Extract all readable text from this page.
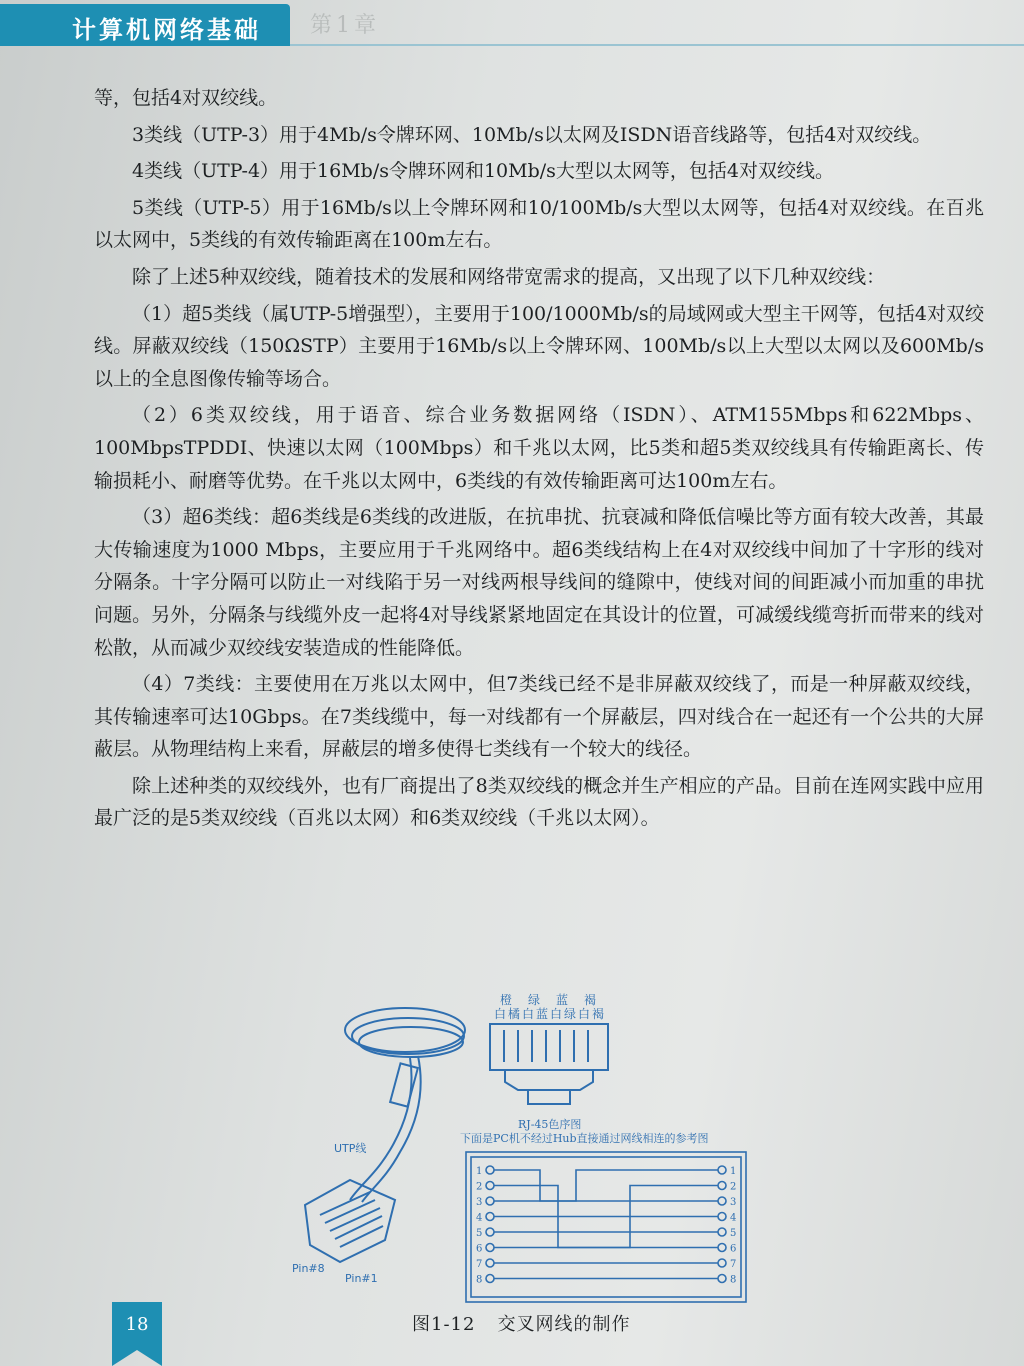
计算机网络基础 第1章

等，包括4对双绞线。

3类线（UTP-3）用于4Mb/s令牌环网、10Mb/s以太网及ISDN语音线路等，包括4对双绞线。

4类线（UTP-4）用于16Mb/s令牌环网和10Mb/s大型以太网等，包括4对双绞线。

5类线（UTP-5）用于16Mb/s以上令牌环网和10/100Mb/s大型以太网等，包括4对双绞线。在百兆以太网中，5类线的有效传输距离在100m左右。

除了上述5种双绞线，随着技术的发展和网络带宽需求的提高，又出现了以下几种双绞线：

（1）超5类线（属UTP-5增强型），主要用于100/1000Mb/s的局域网或大型主干网等，包括4对双绞线。屏蔽双绞线（150ΩSTP）主要用于16Mb/s以上令牌环网、100Mb/s以上大型以太网以及600Mb/s以上的全息图像传输等场合。

（2）6类双绞线，用于语音、综合业务数据网络（ISDN）、ATM155Mbps和622Mbps、100MbpsTPDDI、快速以太网（100Mbps）和千兆以太网，比5类和超5类双绞线具有传输距离长、传输损耗小、耐磨等优势。在千兆以太网中，6类线的有效传输距离可达100m左右。

（3）超6类线：超6类线是6类线的改进版，在抗串扰、抗衰减和降低信噪比等方面有较大改善，其最大传输速度为1000 Mbps，主要应用于千兆网络中。超6类线结构上在4对双绞线中间加了十字形的线对分隔条。十字分隔可以防止一对线陷于另一对线两根导线间的缝隙中，使线对间的间距减小而加重的串扰问题。另外，分隔条与线缆外皮一起将4对导线紧紧地固定在其设计的位置，可减缓线缆弯折而带来的线对松散，从而减少双绞线安装造成的性能降低。

（4）7类线：主要使用在万兆以太网中，但7类线已经不是非屏蔽双绞线了，而是一种屏蔽双绞线，其传输速率可达10Gbps。在7类线缆中，每一对线都有一个屏蔽层，四对线合在一起还有一个公共的大屏蔽层。从物理结构上来看，屏蔽层的增多使得七类线有一个较大的线径。

除上述种类的双绞线外，也有厂商提出了8类双绞线的概念并生产相应的产品。目前在连网实践中应用最广泛的是5类双绞线（百兆以太网）和6类双绞线（千兆以太网）。

UTP线
Pin#8
Pin#1
橙 绿 蓝 褐
白 橘 白 蓝 白 绿 白 褐
RJ-45色序图
下面是PC机不经过Hub直接通过网线相连的参考图
1
2
3
4
5
6
7
8
1
2
3
4
5
6
7
8
图1-12 交叉网线的制作
18
